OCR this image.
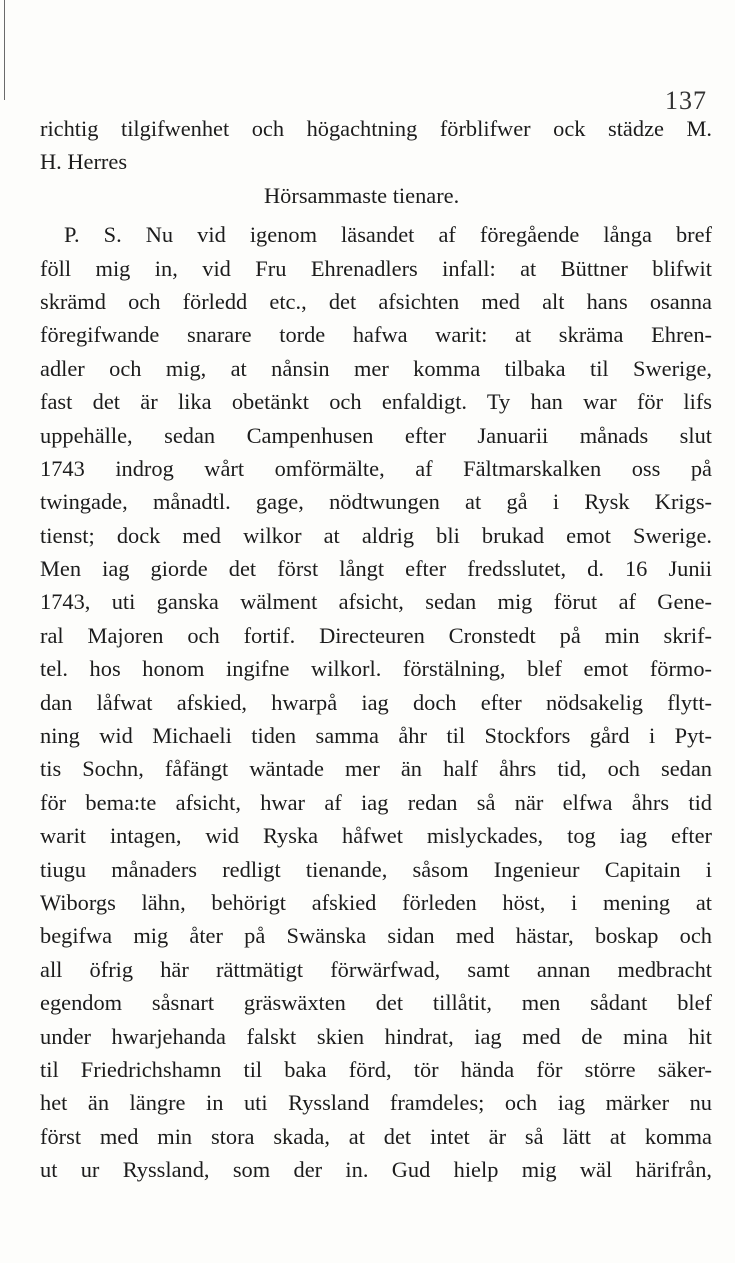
137
richtig tilgifwenhet och högachtning förblifwer ock städze M.
H. Herres
Hörsammaste tienare.
P. S. Nu vid igenom läsandet af föregående långa bref
föll mig in, vid Fru Ehrenadlers infall: at Büttner blifwit
skrämd och förledd etc., det afsichten med alt hans osanna
föregifwande snarare torde hafwa warit: at skräma Ehren-
adler och mig, at nånsin mer komma tilbaka til Swerige,
fast det är lika obetänkt och enfaldigt. Ty han war för lifs
uppehälle, sedan Campenhusen efter Januarii månads slut
1743 indrog wårt omförmälte, af Fältmarskalken oss på
twingade, månadtl. gage, nödtwungen at gå i Rysk Krigs-
tienst; dock med wilkor at aldrig bli brukad emot Swerige.
Men iag giorde det först långt efter fredsslutet, d. 16 Junii
1743, uti ganska wälment afsicht, sedan mig förut af Gene-
ral Majoren och fortif. Directeuren Cronstedt på min skrif-
tel. hos honom ingifne wilkorl. förstälning, blef emot förmo-
dan låfwat afskied, hwarpå iag doch efter nödsakelig flytt-
ning wid Michaeli tiden samma åhr til Stockfors gård i Pyt-
tis Sochn, fåfängt wäntade mer än half åhrs tid, och sedan
för bema:te afsicht, hwar af iag redan så när elfwa åhrs tid
warit intagen, wid Ryska håfwet mislyckades, tog iag efter
tiugu månaders redligt tienande, såsom Ingenieur Capitain i
Wiborgs lähn, behörigt afskied förleden höst, i mening at
begifwa mig åter på Swänska sidan med hästar, boskap och
all öfrig här rättmätigt förwärfwad, samt annan medbracht
egendom såsnart gräswäxten det tillåtit, men sådant blef
under hwarjehanda falskt skien hindrat, iag med de mina hit
til Friedrichshamn til baka förd, tör hända för större säker-
het än längre in uti Ryssland framdeles; och iag märker nu
först med min stora skada, at det intet är så lätt at komma
ut ur Ryssland, som der in. Gud hielp mig wäl härifrån,
